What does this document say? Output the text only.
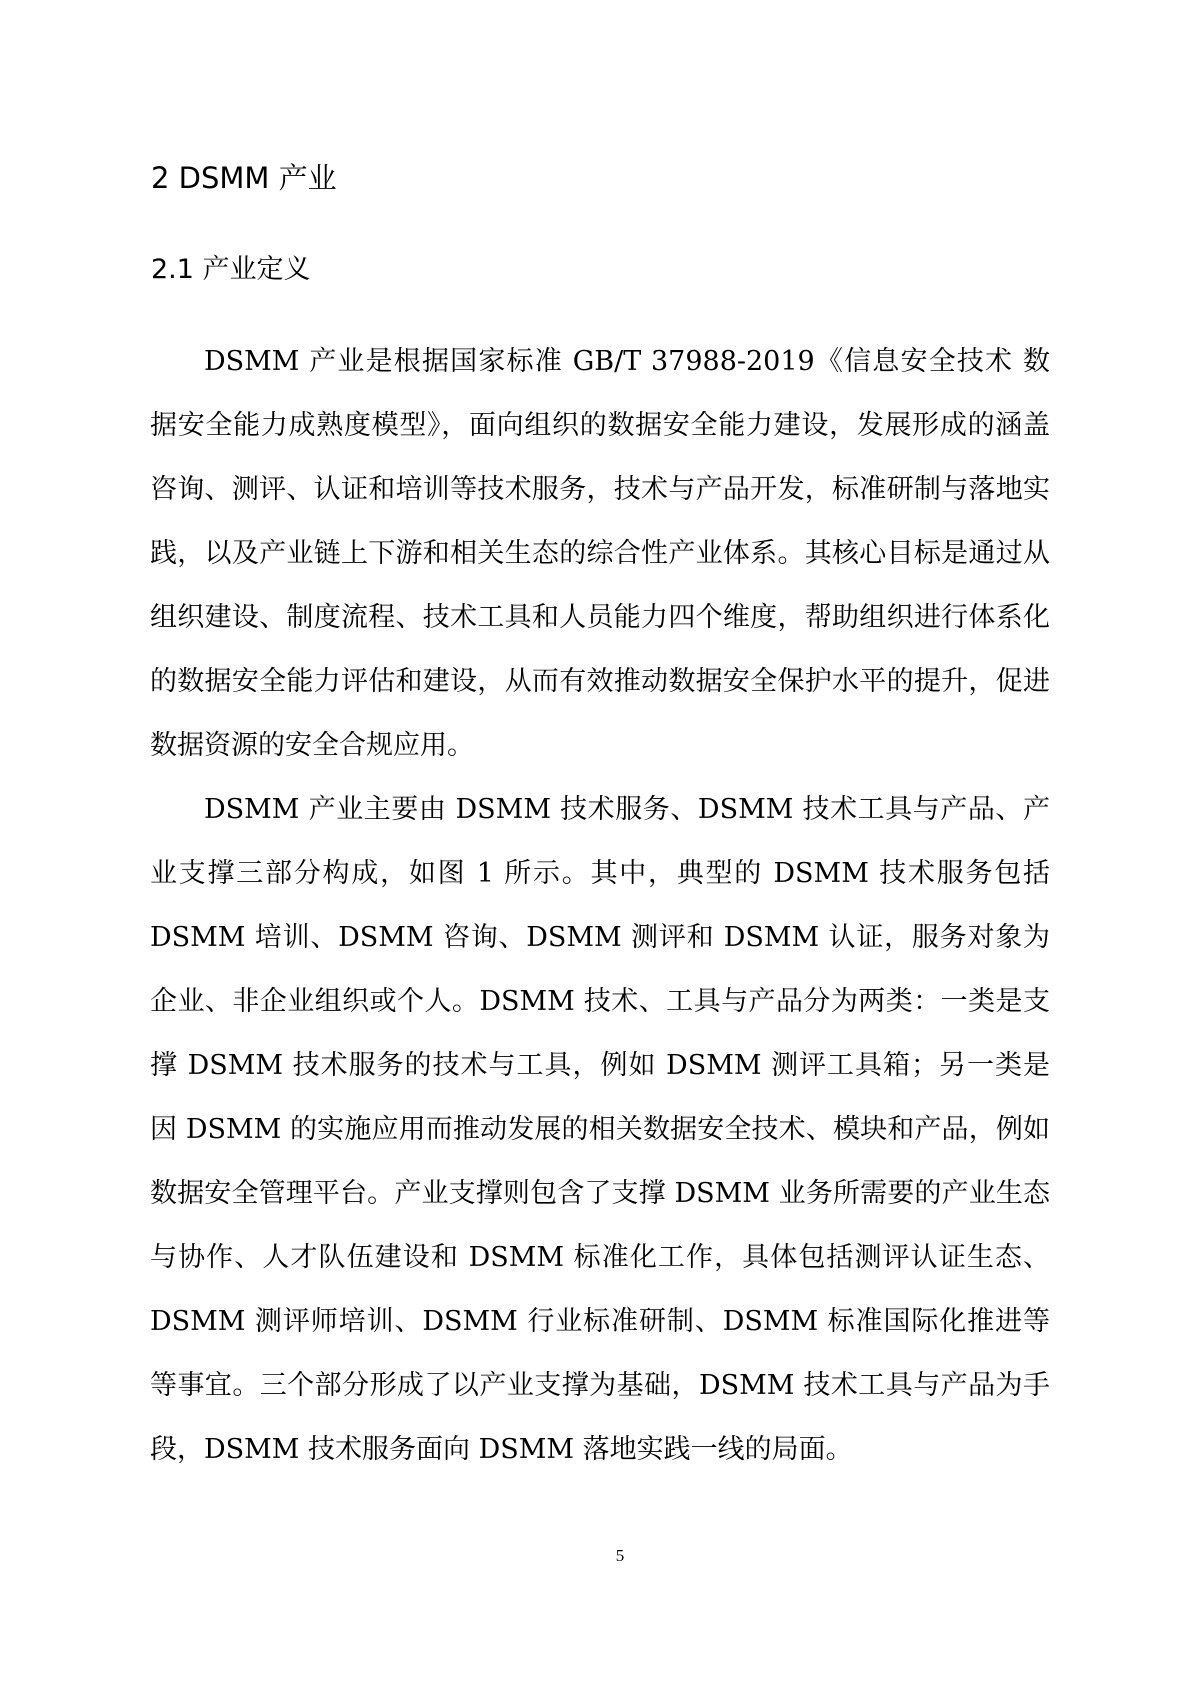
2 DSMM 产业
2.1 产业定义

DSMM 产业是根据国家标准 GB/T 37988-2019《信息安全技术 数据安全能力成熟度模型》，面向组织的数据安全能力建设，发展形成的涵盖咨询、测评、认证和培训等技术服务，技术与产品开发，标准研制与落地实践，以及产业链上下游和相关生态的综合性产业体系。其核心目标是通过从组织建设、制度流程、技术工具和人员能力四个维度，帮助组织进行体系化的数据安全能力评估和建设，从而有效推动数据安全保护水平的提升，促进数据资源的安全合规应用。

DSMM 产业主要由 DSMM 技术服务、DSMM 技术工具与产品、产业支撑三部分构成，如图 1 所示。其中，典型的 DSMM 技术服务包括 DSMM 培训、DSMM 咨询、DSMM 测评和 DSMM 认证，服务对象为企业、非企业组织或个人。DSMM 技术、工具与产品分为两类：一类是支撑 DSMM 技术服务的技术与工具，例如 DSMM 测评工具箱；另一类是因 DSMM 的实施应用而推动发展的相关数据安全技术、模块和产品，例如数据安全管理平台。产业支撑则包含了支撑 DSMM 业务所需要的产业生态与协作、人才队伍建设和 DSMM 标准化工作，具体包括测评认证生态、DSMM 测评师培训、DSMM 行业标准研制、DSMM 标准国际化推进等等事宜。三个部分形成了以产业支撑为基础，DSMM 技术工具与产品为手段，DSMM 技术服务面向 DSMM 落地实践一线的局面。

5
